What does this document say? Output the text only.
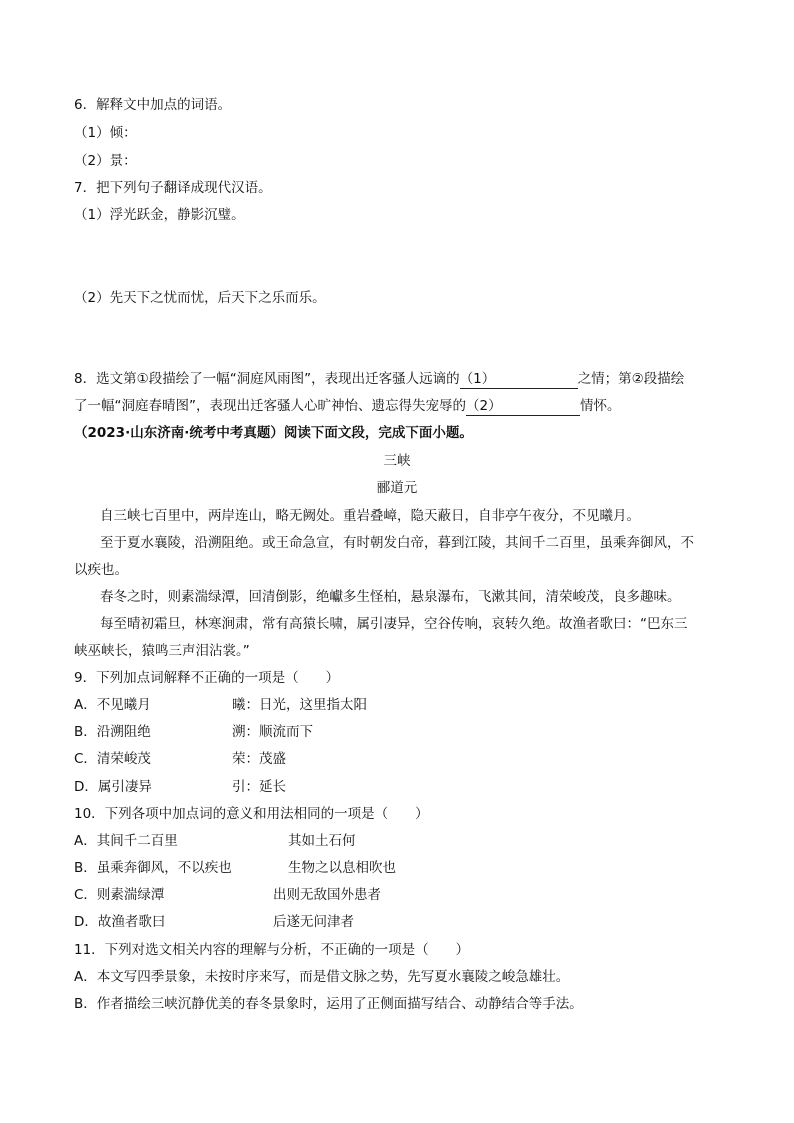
6．解释文中加点的词语。
（1）倾：
（2）景：
7．把下列句子翻译成现代汉语。
（1）浮光跃金，静影沉璧。
（2）先天下之忧而忧，后天下之乐而乐。
8．选文第①段描绘了一幅“洞庭风雨图”，表现出迁客骚人远谪的（1）	之情；第②段描绘
了一幅“洞庭春晴图”，表现出迁客骚人心旷神怡、遗忘得失宠辱的（2）	情怀。
（2023·山东济南·统考中考真题）阅读下面文段，完成下面小题。
三峡
郦道元
自三峡七百里中，两岸连山，略无阙处。重岩叠嶂，隐天蔽日，自非亭午夜分，不见曦月。
至于夏水襄陵，沿溯阻绝。或王命急宣，有时朝发白帝，暮到江陵，其间千二百里，虽乘奔御风，不
以疾也。
春冬之时，则素湍绿潭，回清倒影，绝巘多生怪柏，悬泉瀑布，飞漱其间，清荣峻茂，良多趣味。
每至晴初霜旦，林寒涧肃，常有高猿长啸，属引凄异，空谷传响，哀转久绝。故渔者歌曰：“巴东三
峡巫峡长，猿鸣三声泪沾裳。”
9．下列加点词解释不正确的一项是（　　）
A．不见曦月	曦：日光，这里指太阳
B．沿溯阻绝	溯：顺流而下
C．清荣峻茂	荣：茂盛
D．属引凄异	引：延长
10．下列各项中加点词的意义和用法相同的一项是（　　）
A．其间千二百里	其如土石何
B．虽乘奔御风，不以疾也	生物之以息相吹也
C．则素湍绿潭	出则无敌国外患者
D．故渔者歌曰	后遂无问津者
11．下列对选文相关内容的理解与分析，不正确的一项是（　　）
A．本文写四季景象，未按时序来写，而是借文脉之势，先写夏水襄陵之峻急雄壮。
B．作者描绘三峡沉静优美的春冬景象时，运用了正侧面描写结合、动静结合等手法。
